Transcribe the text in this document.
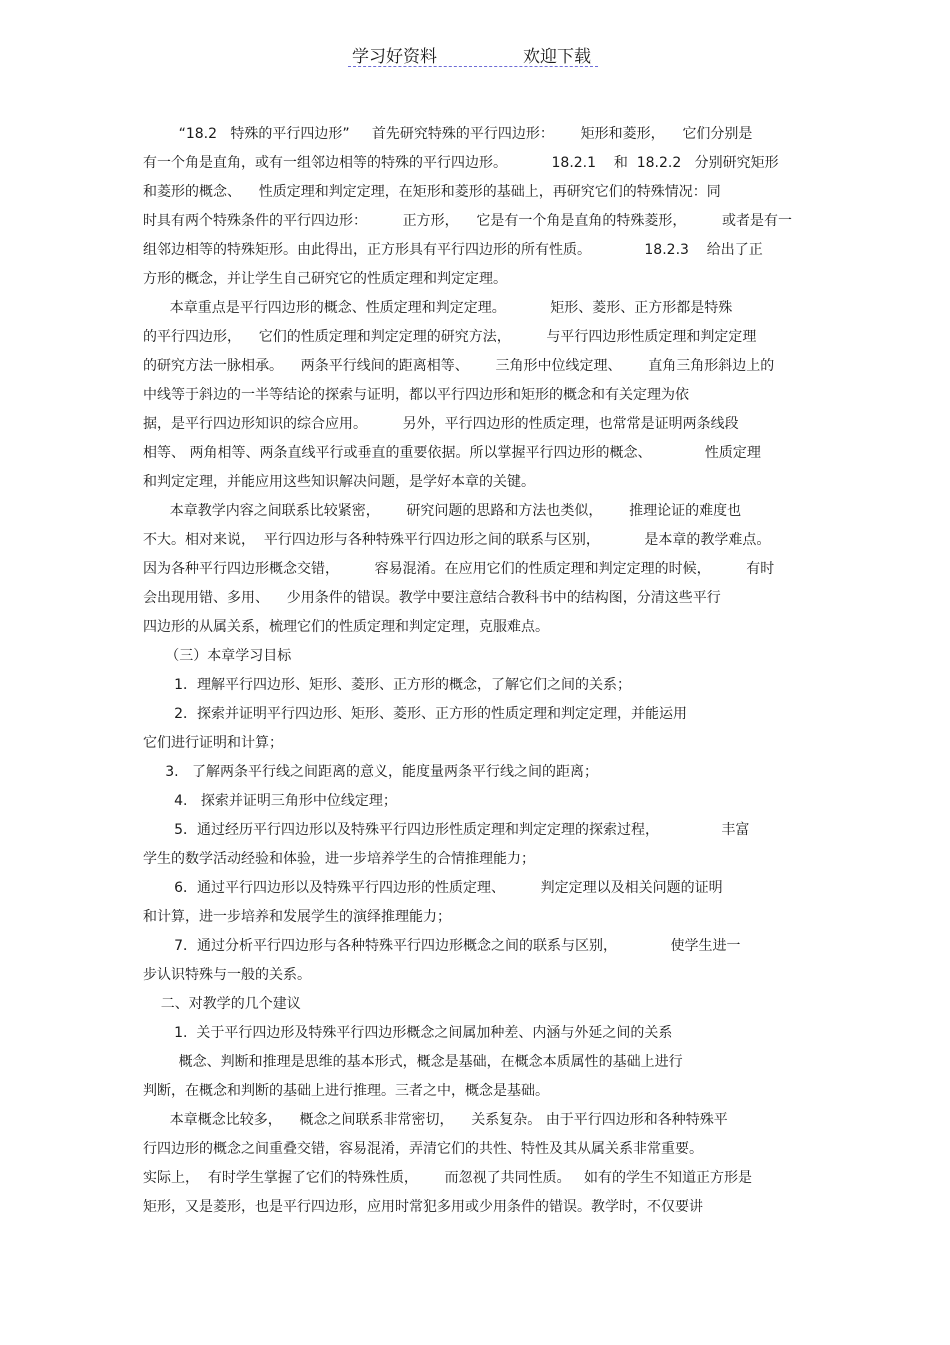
学习好资料	欢迎下载
“18.2   特殊的平行四边形”     首先研究特殊的平行四边形：      矩形和菱形，    它们分别是
有一个角是直角，或有一组邻边相等的特殊的平行四边形。          18.2.1    和  18.2.2   分别研究矩形
和菱形的概念、    性质定理和判定定理，在矩形和菱形的基础上，再研究它们的特殊情况：同
时具有两个特殊条件的平行四边形：        正方形，    它是有一个角是直角的特殊菱形，        或者是有一
组邻边相等的特殊矩形。由此得出，正方形具有平行四边形的所有性质。            18.2.3    给出了正
方形的概念，并让学生自己研究它的性质定理和判定定理。
本章重点是平行四边形的概念、性质定理和判定定理。          矩形、菱形、正方形都是特殊
的平行四边形，    它们的性质定理和判定定理的研究方法，        与平行四边形性质定理和判定定理
的研究方法一脉相承。    两条平行线间的距离相等、      三角形中位线定理、      直角三角形斜边上的
中线等于斜边的一半等结论的探索与证明，都以平行四边形和矩形的概念和有关定理为依
据，是平行四边形知识的综合应用。        另外，平行四边形的性质定理，也常常是证明两条线段
相等、 两角相等、两条直线平行或垂直的重要依据。所以掌握平行四边形的概念、            性质定理
和判定定理，并能应用这些知识解决问题，是学好本章的关键。
本章教学内容之间联系比较紧密，      研究问题的思路和方法也类似，      推理论证的难度也
不大。相对来说，  平行四边形与各种特殊平行四边形之间的联系与区别，          是本章的教学难点。
因为各种平行四边形概念交错，        容易混淆。在应用它们的性质定理和判定定理的时候，        有时
会出现用错、多用、    少用条件的错误。教学中要注意结合教科书中的结构图，分清这些平行
四边形的从属关系，梳理它们的性质定理和判定定理，克服难点。
（三）本章学习目标
1．理解平行四边形、矩形、菱形、正方形的概念，了解它们之间的关系；
2．探索并证明平行四边形、矩形、菱形、正方形的性质定理和判定定理，并能运用
它们进行证明和计算；
3.   了解两条平行线之间距离的意义，能度量两条平行线之间的距离；
4.   探索并证明三角形中位线定理；
5．通过经历平行四边形以及特殊平行四边形性质定理和判定定理的探索过程，              丰富
学生的数学活动经验和体验，进一步培养学生的合情推理能力；
6．通过平行四边形以及特殊平行四边形的性质定理、        判定定理以及相关问题的证明
和计算，进一步培养和发展学生的演绎推理能力；
7．通过分析平行四边形与各种特殊平行四边形概念之间的联系与区别，            使学生进一
步认识特殊与一般的关系。
二、对教学的几个建议
1.  关于平行四边形及特殊平行四边形概念之间属加种差、内涵与外延之间的关系
概念、判断和推理是思维的基本形式，概念是基础，在概念本质属性的基础上进行
判断，在概念和判断的基础上进行推理。三者之中，概念是基础。
本章概念比较多，    概念之间联系非常密切，    关系复杂。 由于平行四边形和各种特殊平
行四边形的概念之间重叠交错，容易混淆，弄清它们的共性、特性及其从属关系非常重要。
实际上，  有时学生掌握了它们的特殊性质，      而忽视了共同性质。   如有的学生不知道正方形是
矩形，又是菱形，也是平行四边形，应用时常犯多用或少用条件的错误。教学时，不仅要讲
